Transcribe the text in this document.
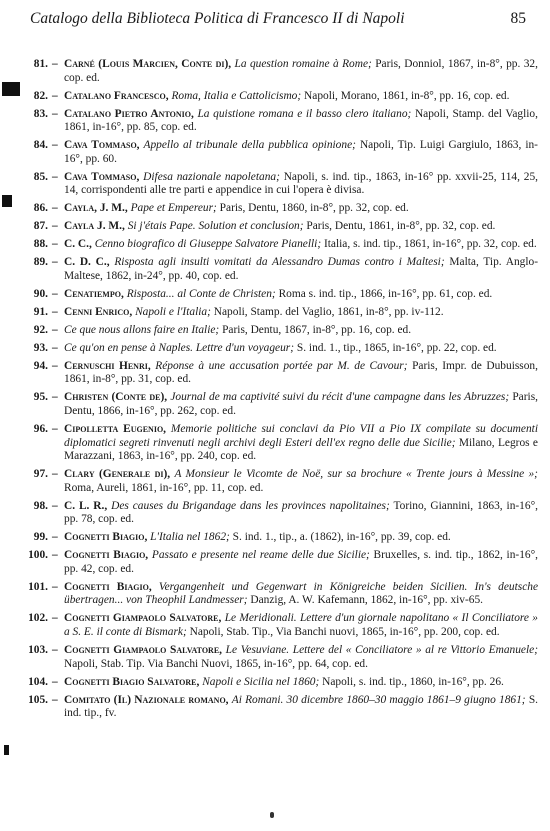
Catalogo della Biblioteca Politica di Francesco II di Napoli	85
81. – Carné (Louis Marcien, Conte di), La question romaine à Rome; Paris, Donniol, 1867, in-8°, pp. 32, cop. ed.
82. – Catalano Francesco, Roma, Italia e Cattolicismo; Napoli, Morano, 1861, in-8°, pp. 16, cop. ed.
83. – Catalano Pietro Antonio, La quistione romana e il basso clero italiano; Napoli, Stamp. del Vaglio, 1861, in-16°, pp. 85, cop. ed.
84. – Cava Tommaso, Appello al tribunale della pubblica opinione; Napoli, Tip. Luigi Gargiulo, 1863, in-16°, pp. 60.
85. – Cava Tommaso, Difesa nazionale napoletana; Napoli, s. ind. tip., 1863, in-16° pp. xxvii-25, 114, 25, 14, corrispondenti alle tre parti e appendice in cui l'opera è divisa.
86. – Cayla, J. M., Pape et Empereur; Paris, Dentu, 1860, in-8°, pp. 32, cop. ed.
87. – Cayla J. M., Si j'étais Pape. Solution et conclusion; Paris, Dentu, 1861, in-8°, pp. 32, cop. ed.
88. – C. C., Cenno biografico di Giuseppe Salvatore Pianelli; Italia, s. ind. tip., 1861, in-16°, pp. 32, cop. ed.
89. – C. D. C., Risposta agli insulti vomitati da Alessandro Dumas contro i Maltesi; Malta, Tip. Anglo-Maltese, 1862, in-24°, pp. 40, cop. ed.
90. – Cenatiempo, Risposta... al Conte de Christen; Roma s. ind. tip., 1866, in-16°, pp. 61, cop. ed.
91. – Cenni Enrico, Napoli e l'Italia; Napoli, Stamp. del Vaglio, 1861, in-8°, pp. iv-112.
92. – Ce que nous allons faire en Italie; Paris, Dentu, 1867, in-8°, pp. 16, cop. ed.
93. – Ce qu'on en pense à Naples. Lettre d'un voyageur; S. ind. 1., tip., 1865, in-16°, pp. 22, cop. ed.
94. – Cernuschi Henri, Réponse à une accusation portée par M. de Cavour; Paris, Impr. de Dubuisson, 1861, in-8°, pp. 31, cop. ed.
95. – Christen (Conte de), Journal de ma captivité suivi du récit d'une campagne dans les Abruzzes; Paris, Dentu, 1866, in-16°, pp. 262, cop. ed.
96. – Cipolletta Eugenio, Memorie politiche sui conclavi da Pio VII a Pio IX compilate su documenti diplomatici segreti rinvenuti negli archivi degli Esteri dell'ex regno delle due Sicilie; Milano, Legros e Marazzani, 1863, in-16°, pp. 240, cop. ed.
97. – Clary (Generale di), A Monsieur le Vicomte de Noë, sur sa brochure « Trente jours à Messine »; Roma, Aureli, 1861, in-16°, pp. 11, cop. ed.
98. – C. L. R., Des causes du Brigandage dans les provinces napolitaines; Torino, Giannini, 1863, in-16°, pp. 78, cop. ed.
99. – Cognetti Biagio, L'Italia nel 1862; S. ind. 1., tip., a. (1862), in-16°, pp. 39, cop. ed.
100. – Cognetti Biagio, Passato e presente nel reame delle due Sicilie; Bruxelles, s. ind. tip., 1862, in-16°, pp. 42, cop. ed.
101. – Cognetti Biagio, Vergangenheit und Gegenwart in Königreiche beiden Sicilien. In's deutsche übertragen... von Theophil Landmesser; Danzig, A. W. Kafemann, 1862, in-16°, pp. xiv-65.
102. – Cognetti Giampaolo Salvatore, Le Meridionali. Lettere d'un giornale napolitano « Il Conciliatore » a S. E. il conte di Bismark; Napoli, Stab. Tip., Via Banchi nuovi, 1865, in-16°, pp. 200, cop. ed.
103. – Cognetti Giampaolo Salvatore, Le Vesuviane. Lettere del « Conciliatore » al re Vittorio Emanuele; Napoli, Stab. Tip. Via Banchi Nuovi, 1865, in-16°, pp. 64, cop. ed.
104. – Cognetti Biagio Salvatore, Napoli e Sicilia nel 1860; Napoli, s. ind. tip., 1860, in-16°, pp. 26.
105. – Comitato (Il) Nazionale romano, Ai Romani. 30 dicembre 1860–30 maggio 1861–9 giugno 1861; S. ind. tip., fv.
